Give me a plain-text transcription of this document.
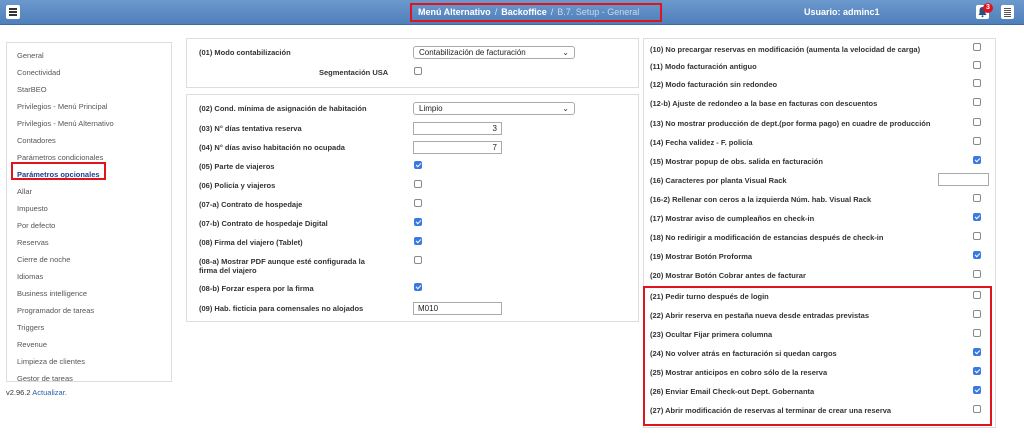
Menú Alternativo / Backoffice / B.7. Setup - General	Usuario: adminc1	3
General
Conectividad
StarBEO
Privilegios - Menú Principal
Privilegios - Menú Alternativo
Contadores
Parámetros condicionales
Parámetros opcionales
Allar
Impuesto
Por defecto
Reservas
Cierre de noche
Idiomas
Business intelligence
Programador de tareas
Triggers
Revenue
Limpieza de clientes
Gestor de tareas
v2.96.2 Actualizar.
(01) Modo contabilización	Contabilización de facturación	⌄
Segmentación USA
(02) Cond. mínima de asignación de habitación	Limpio	⌄
(03) N° días tentativa reserva	3
(04) N° días aviso habitación no ocupada	7
(05) Parte de viajeros
(06) Policía y viajeros
(07-a) Contrato de hospedaje
(07-b) Contrato de hospedaje Digital
(08) Firma del viajero (Tablet)
(08-a) Mostrar PDF aunque esté configurada la
firma del viajero
(08-b) Forzar espera por la firma
(09) Hab. ficticia para comensales no alojados	M010
(10) No precargar reservas en modificación (aumenta la velocidad de carga)
(11) Modo facturación antiguo
(12) Modo facturación sin redondeo
(12-b) Ajuste de redondeo a la base en facturas con descuentos
(13) No mostrar producción de dept.(por forma pago) en cuadre de producción
(14) Fecha validez - F. policía
(15) Mostrar popup de obs. salida en facturación
(16) Caracteres por planta Visual Rack
(16-2) Rellenar con ceros a la izquierda Núm. hab. Visual Rack
(17) Mostrar aviso de cumpleaños en check-in
(18) No redirigir a modificación de estancias después de check-in
(19) Mostrar Botón Proforma
(20) Mostrar Botón Cobrar antes de facturar
(21) Pedir turno después de login
(22) Abrir reserva en pestaña nueva desde entradas previstas
(23) Ocultar Fijar primera columna
(24) No volver atrás en facturación si quedan cargos
(25) Mostrar anticipos en cobro sólo de la reserva
(26) Enviar Email Check-out Dept. Gobernanta
(27) Abrir modificación de reservas al terminar de crear una reserva
